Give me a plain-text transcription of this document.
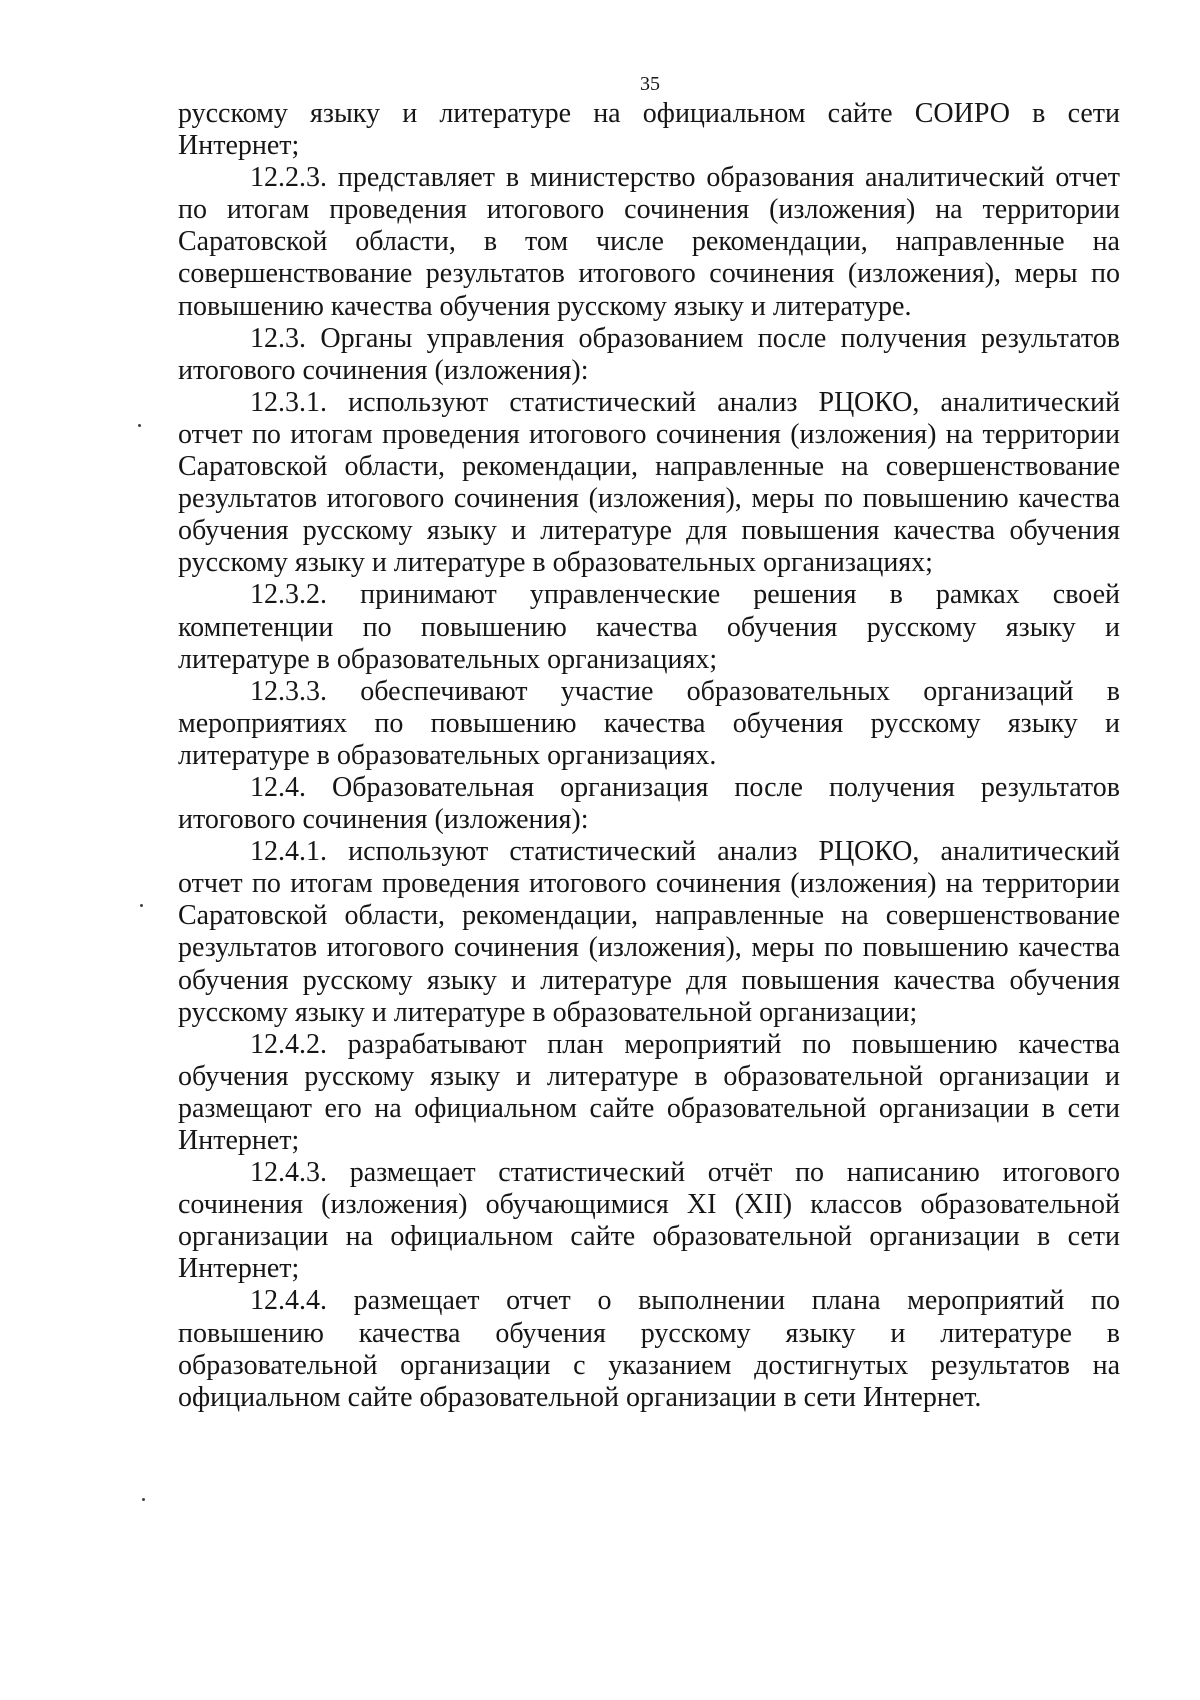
35
русскому языку и литературе на официальном сайте СОИРО в сети
Интернет;
12.2.3. представляет в министерство образования аналитический отчет
по итогам проведения итогового сочинения (изложения) на территории
Саратовской области, в том числе рекомендации, направленные на
совершенствование результатов итогового сочинения (изложения), меры по
повышению качества обучения русскому языку и литературе.
12.3. Органы управления образованием после получения результатов
итогового сочинения (изложения):
12.3.1. используют статистический анализ РЦОКО, аналитический
отчет по итогам проведения итогового сочинения (изложения) на территории
Саратовской области, рекомендации, направленные на совершенствование
результатов итогового сочинения (изложения), меры по повышению качества
обучения русскому языку и литературе для повышения качества обучения
русскому языку и литературе в образовательных организациях;
12.3.2. принимают управленческие решения в рамках своей
компетенции по повышению качества обучения русскому языку и
литературе в образовательных организациях;
12.3.3. обеспечивают участие образовательных организаций в
мероприятиях по повышению качества обучения русскому языку и
литературе в образовательных организациях.
12.4. Образовательная организация после получения результатов
итогового сочинения (изложения):
12.4.1. используют статистический анализ РЦОКО, аналитический
отчет по итогам проведения итогового сочинения (изложения) на территории
Саратовской области, рекомендации, направленные на совершенствование
результатов итогового сочинения (изложения), меры по повышению качества
обучения русскому языку и литературе для повышения качества обучения
русскому языку и литературе в образовательной организации;
12.4.2. разрабатывают план мероприятий по повышению качества
обучения русскому языку и литературе в образовательной организации и
размещают его на официальном сайте образовательной организации в сети
Интернет;
12.4.3. размещает статистический отчёт по написанию итогового
сочинения (изложения) обучающимися XI (XII) классов образовательной
организации на официальном сайте образовательной организации в сети
Интернет;
12.4.4. размещает отчет о выполнении плана мероприятий по
повышению качества обучения русскому языку и литературе в
образовательной организации с указанием достигнутых результатов на
официальном сайте образовательной организации в сети Интернет.
